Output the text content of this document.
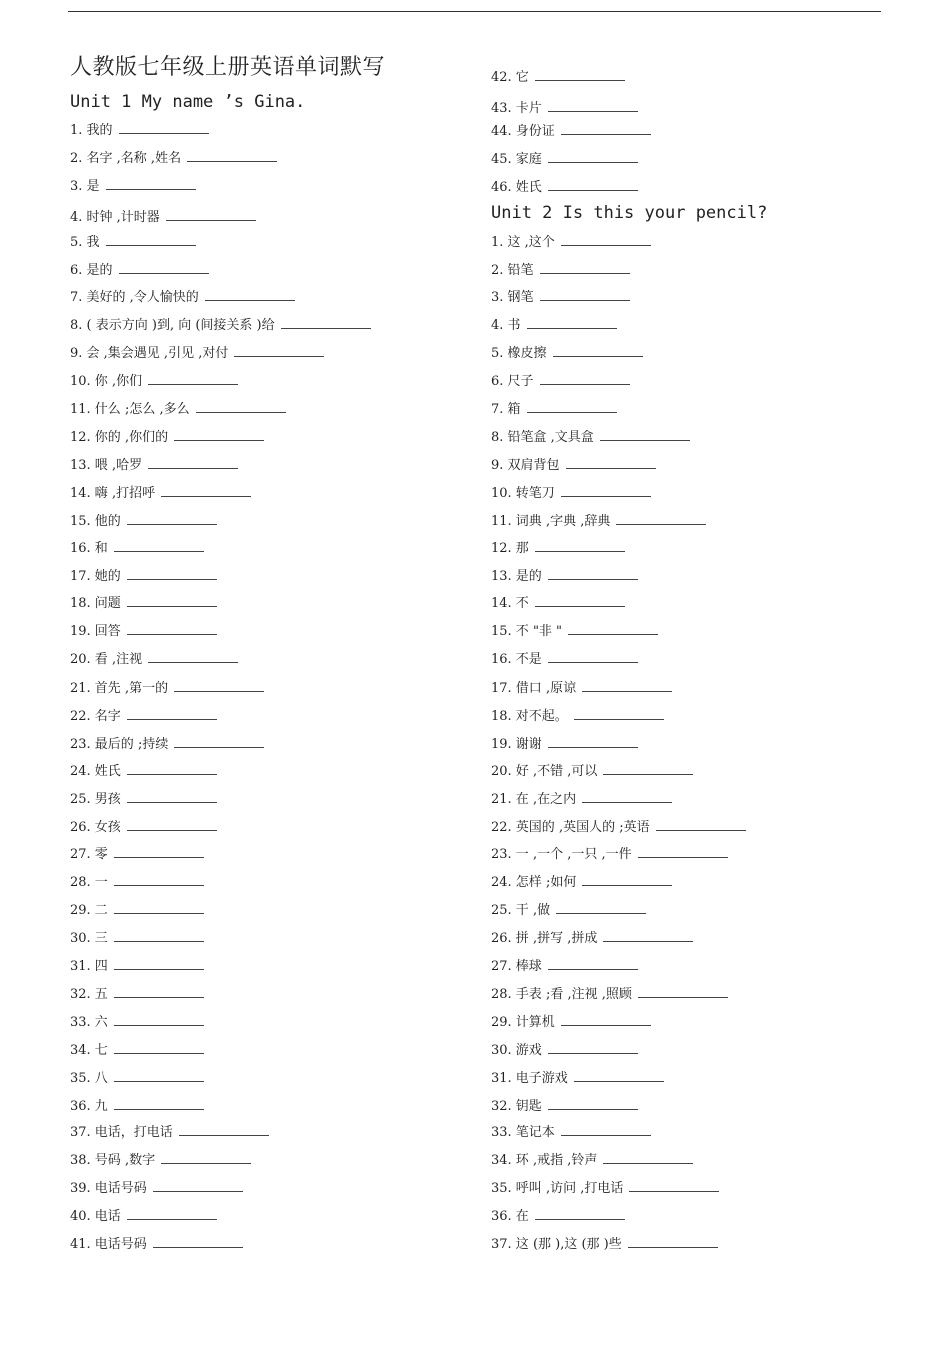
人教版七年级上册英语单词默写
Unit 1 My name ’s Gina.
1. 我的
2. 名字 ,名称 ,姓名
3. 是
4. 时钟 ,计时器
5. 我
6. 是的
7. 美好的 ,令人愉快的
8. ( 表示方向 )到, 向 (间接关系 )给
9. 会 ,集会遇见 ,引见 ,对付
10. 你 ,你们
11. 什么 ;怎么 ,多么
12. 你的 ,你们的
13. 喂 ,哈罗
14. 嗨 ,打招呼
15. 他的
16. 和
17. 她的
18. 问题
19. 回答
20. 看 ,注视
21. 首先 ,第一的
22. 名字
23. 最后的 ;持续
24. 姓氏
25. 男孩
26. 女孩
27. 零
28. 一
29. 二
30. 三
31. 四
32. 五
33. 六
34. 七
35. 八
36. 九
37. 电话，打电话
38. 号码 ,数字
39. 电话号码
40. 电话
41. 电话号码
42. 它
43. 卡片
44. 身份证
45. 家庭
46. 姓氏
Unit 2 Is this your pencil?
1. 这 ,这个
2. 铅笔
3. 钢笔
4. 书
5. 橡皮擦
6. 尺子
7. 箱
8. 铅笔盒 ,文具盒
9. 双肩背包
10. 转笔刀
11. 词典 ,字典 ,辞典
12. 那
13. 是的
14. 不
15. 不 "非 "
16. 不是
17. 借口 ,原谅
18. 对不起。
19. 谢谢
20. 好 ,不错 ,可以
21. 在 ,在之内
22. 英国的 ,英国人的 ;英语
23. 一 ,一个 ,一只 ,一件
24. 怎样 ;如何
25. 干 ,做
26. 拼 ,拼写 ,拼成
27. 棒球
28. 手表 ;看 ,注视 ,照顾
29. 计算机
30. 游戏
31. 电子游戏
32. 钥匙
33. 笔记本
34. 环 ,戒指 ,铃声
35. 呼叫 ,访问 ,打电话
36. 在
37. 这 (那 ),这 (那 )些
